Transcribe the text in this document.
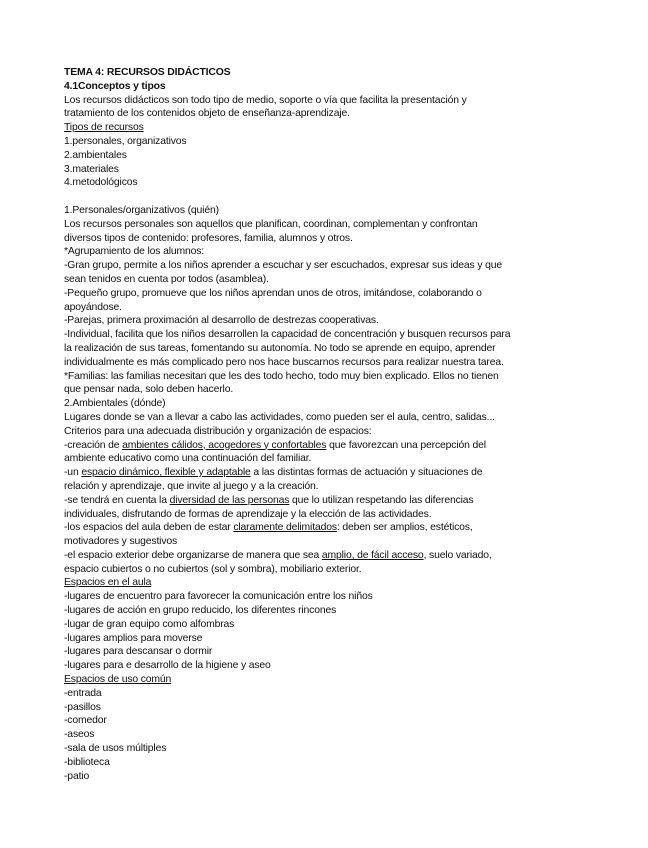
TEMA 4: RECURSOS DIDÁCTICOS
4.1Conceptos y tipos
Los recursos didácticos son todo tipo de medio, soporte o vía que facilita la presentación y
tratamiento de los contenidos objeto de enseñanza-aprendizaje.
Tipos de recursos
1.personales, organizativos
2.ambientales
3.materiales
4.metodológicos
1.Personales/organizativos (quién)
Los recursos personales son aquellos que planifican, coordinan, complementan y confrontan
diversos tipos de contenido: profesores, familia, alumnos y otros.
*Agrupamiento de los alumnos:
-Gran grupo, permite a los niños aprender a escuchar y ser escuchados, expresar sus ideas y que
sean tenidos en cuenta por todos (asamblea).
-Pequeño grupo, promueve que los niños aprendan unos de otros, imitándose, colaborando o
apoyándose.
-Parejas, primera proximación al desarrollo de destrezas cooperativas.
-Individual, facilita que los niños desarrollen la capacidad de concentración y busquen recursos para
la realización de sus tareas, fomentando su autonomía. No todo se aprende en equipo, aprender
individualmente es más complicado pero nos hace buscarnos recursos para realizar nuestra tarea.
*Familias: las familias necesitan que les des todo hecho, todo muy bien explicado. Ellos no tienen
que pensar nada, solo deben hacerlo.
2.Ambientales (dónde)
Lugares donde se van a llevar a cabo las actividades, como pueden ser el aula, centro, salidas...
Criterios para una adecuada distribución y organización de espacios:
-creación de ambientes cálidos, acogedores y confortables que favorezcan una percepción del
ambiente educativo como una continuación del familiar.
-un espacio dinámico, flexible y adaptable a las distintas formas de actuación y situaciones de
relación y aprendizaje, que invite al juego y a la creación.
-se tendrá en cuenta la diversidad de las personas que lo utilizan respetando las diferencias
individuales, disfrutando de formas de aprendizaje y la elección de las actividades.
-los espacios del aula deben de estar claramente delimitados: deben ser amplios, estéticos,
motivadores y sugestivos
-el espacio exterior debe organizarse de manera que sea amplio, de fácil acceso, suelo variado,
espacio cubiertos o no cubiertos (sol y sombra), mobiliario exterior.
Espacios en el aula
-lugares de encuentro para favorecer la comunicación entre los niños
-lugares de acción en grupo reducido, los diferentes rincones
-lugar de gran equipo como alfombras
-lugares amplios para moverse
-lugares para descansar o dormir
-lugares para e desarrollo de la higiene y aseo
Espacios de uso común
-entrada
-pasillos
-comedor
-aseos
-sala de usos múltiples
-biblioteca
-patio
